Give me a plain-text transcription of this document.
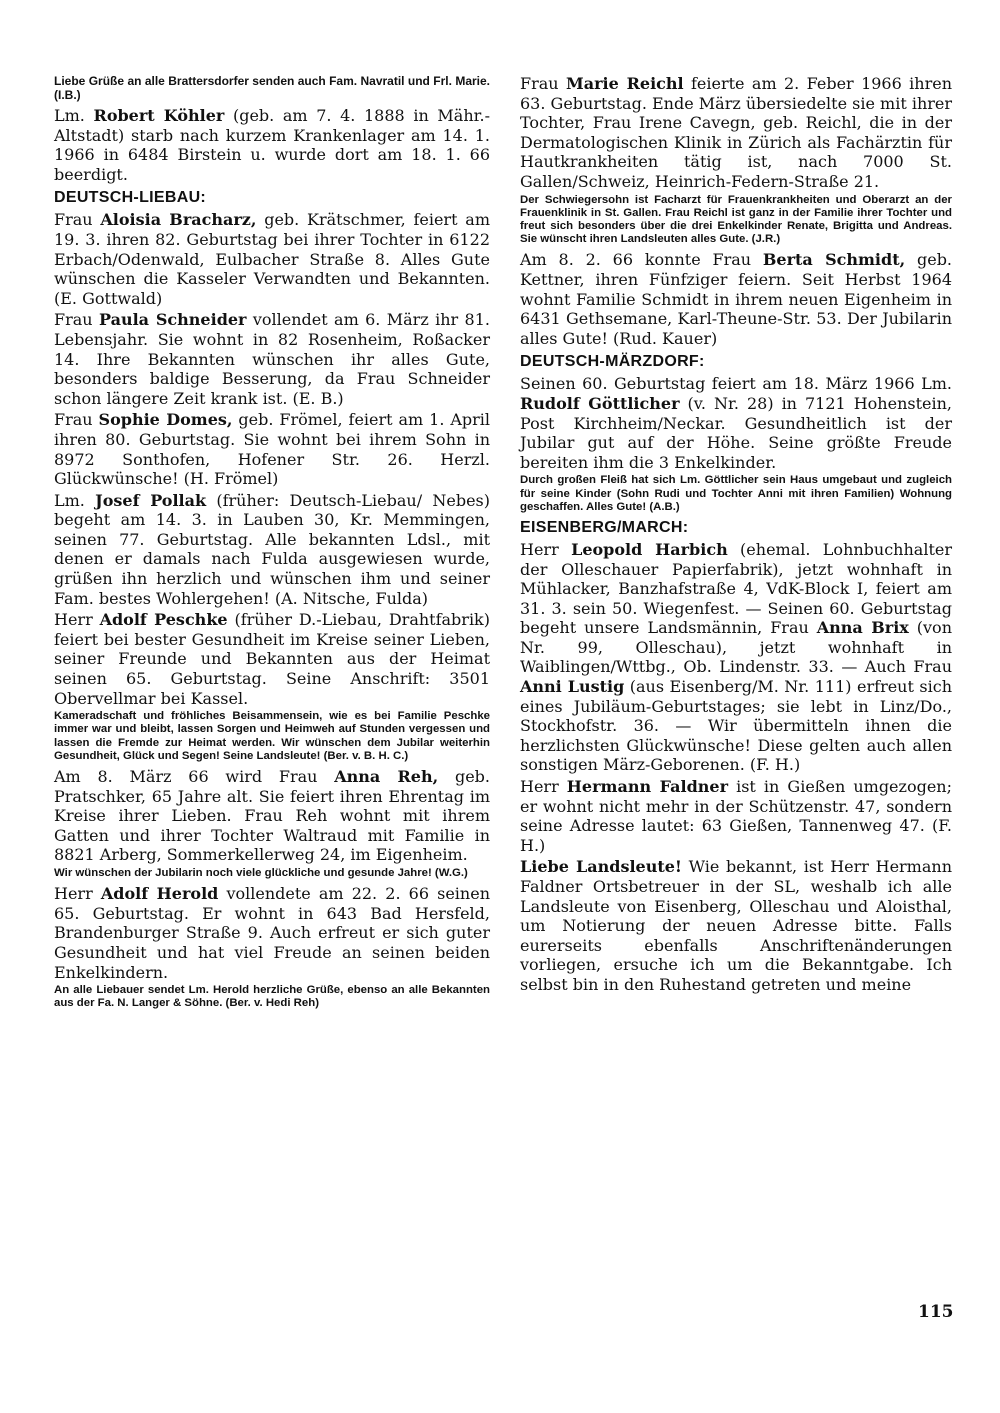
Liebe Grüße an alle Brattersdorfer senden auch Fam. Navratil und Frl. Marie. (I.B.)

Lm. Robert Köhler (geb. am 7. 4. 1888 in Mähr.-Altstadt) starb nach kurzem Krankenlager am 14. 1. 1966 in 6484 Birstein u. wurde dort am 18. 1. 66 beerdigt.

DEUTSCH-LIEBAU:

Frau Aloisia Bracharz, geb. Krätschmer, feiert am 19. 3. ihren 82. Geburtstag bei ihrer Tochter in 6122 Erbach/Odenwald, Eulbacher Straße 8. Alles Gute wünschen die Kasseler Verwandten und Bekannten. (E. Gottwald)

Frau Paula Schneider vollendet am 6. März ihr 81. Lebensjahr. Sie wohnt in 82 Rosenheim, Roßacker 14. Ihre Bekannten wünschen ihr alles Gute, besonders baldige Besserung, da Frau Schneider schon längere Zeit krank ist. (E. B.)

Frau Sophie Domes, geb. Frömel, feiert am 1. April ihren 80. Geburtstag. Sie wohnt bei ihrem Sohn in 8972 Sonthofen, Hofener Str. 26. Herzl. Glückwünsche! (H. Frömel)

Lm. Josef Pollak (früher: Deutsch-Liebau/ Nebes) begeht am 14. 3. in Lauben 30, Kr. Memmingen, seinen 77. Geburtstag. Alle bekannten Ldsl., mit denen er damals nach Fulda ausgewiesen wurde, grüßen ihn herzlich und wünschen ihm und seiner Fam. bestes Wohlergehen! (A. Nitsche, Fulda)

Herr Adolf Peschke (früher D.-Liebau, Drahtfabrik) feiert bei bester Gesundheit im Kreise seiner Lieben, seiner Freunde und Bekannten aus der Heimat seinen 65. Geburtstag. Seine Anschrift: 3501 Obervellmar bei Kassel.

Kameradschaft und fröhliches Beisammensein, wie es bei Familie Peschke immer war und bleibt, lassen Sorgen und Heimweh auf Stunden vergessen und lassen die Fremde zur Heimat werden. Wir wünschen dem Jubilar weiterhin Gesundheit, Glück und Segen! Seine Landsleute! (Ber. v. B. H. C.)

Am 8. März 66 wird Frau Anna Reh, geb. Pratschker, 65 Jahre alt. Sie feiert ihren Ehrentag im Kreise ihrer Lieben. Frau Reh wohnt mit ihrem Gatten und ihrer Tochter Waltraud mit Familie in 8821 Arberg, Sommerkellerweg 24, im Eigenheim.

Wir wünschen der Jubilarin noch viele glückliche und gesunde Jahre! (W.G.)

Herr Adolf Herold vollendete am 22. 2. 66 seinen 65. Geburtstag. Er wohnt in 643 Bad Hersfeld, Brandenburger Straße 9. Auch erfreut er sich guter Gesundheit und hat viel Freude an seinen beiden Enkelkindern.

An alle Liebauer sendet Lm. Herold herzliche Grüße, ebenso an alle Bekannten aus der Fa. N. Langer & Söhne. (Ber. v. Hedi Reh)

Frau Marie Reichl feierte am 2. Feber 1966 ihren 63. Geburtstag. Ende März übersiedelte sie mit ihrer Tochter, Frau Irene Cavegn, geb. Reichl, die in der Dermatologischen Klinik in Zürich als Fachärztin für Hautkrankheiten tätig ist, nach 7000 St. Gallen/Schweiz, Heinrich-Federn-Straße 21.

Der Schwiegersohn ist Facharzt für Frauenkrankheiten und Oberarzt an der Frauenklinik in St. Gallen. Frau Reichl ist ganz in der Familie ihrer Tochter und freut sich besonders über die drei Enkelkinder Renate, Brigitta und Andreas. Sie wünscht ihren Landsleuten alles Gute. (J.R.)

Am 8. 2. 66 konnte Frau Berta Schmidt, geb. Kettner, ihren Fünfziger feiern. Seit Herbst 1964 wohnt Familie Schmidt in ihrem neuen Eigenheim in 6431 Gethsemane, Karl-Theune-Str. 53. Der Jubilarin alles Gute! (Rud. Kauer)

DEUTSCH-MÄRZDORF:

Seinen 60. Geburtstag feiert am 18. März 1966 Lm. Rudolf Göttlicher (v. Nr. 28) in 7121 Hohenstein, Post Kirchheim/Neckar. Gesundheitlich ist der Jubilar gut auf der Höhe. Seine größte Freude bereiten ihm die 3 Enkelkinder.

Durch großen Fleiß hat sich Lm. Göttlicher sein Haus umgebaut und zugleich für seine Kinder (Sohn Rudi und Tochter Anni mit ihren Familien) Wohnung geschaffen. Alles Gute! (A.B.)

EISENBERG/MARCH:

Herr Leopold Harbich (ehemal. Lohnbuchhalter der Olleschauer Papierfabrik), jetzt wohnhaft in Mühlacker, Banzhafstraße 4, VdK-Block I, feiert am 31. 3. sein 50. Wiegenfest. — Seinen 60. Geburtstag begeht unsere Landsmännin, Frau Anna Brix (von Nr. 99, Olleschau), jetzt wohnhaft in Waiblingen/Wttbg., Ob. Lindenstr. 33. — Auch Frau Anni Lustig (aus Eisenberg/M. Nr. 111) erfreut sich eines Jubiläum-Geburtstages; sie lebt in Linz/Do., Stockhofstr. 36. — Wir übermitteln ihnen die herzlichsten Glückwünsche! Diese gelten auch allen sonstigen März-Geborenen. (F. H.)

Herr Hermann Faldner ist in Gießen umgezogen; er wohnt nicht mehr in der Schützenstr. 47, sondern seine Adresse lautet: 63 Gießen, Tannenweg 47. (F. H.)

Liebe Landsleute! Wie bekannt, ist Herr Hermann Faldner Ortsbetreuer in der SL, weshalb ich alle Landsleute von Eisenberg, Olleschau und Aloisthal, um Notierung der neuen Adresse bitte. Falls eurerseits ebenfalls Anschriftenänderungen vorliegen, ersuche ich um die Bekanntgabe. Ich selbst bin in den Ruhestand getreten und meine

115
